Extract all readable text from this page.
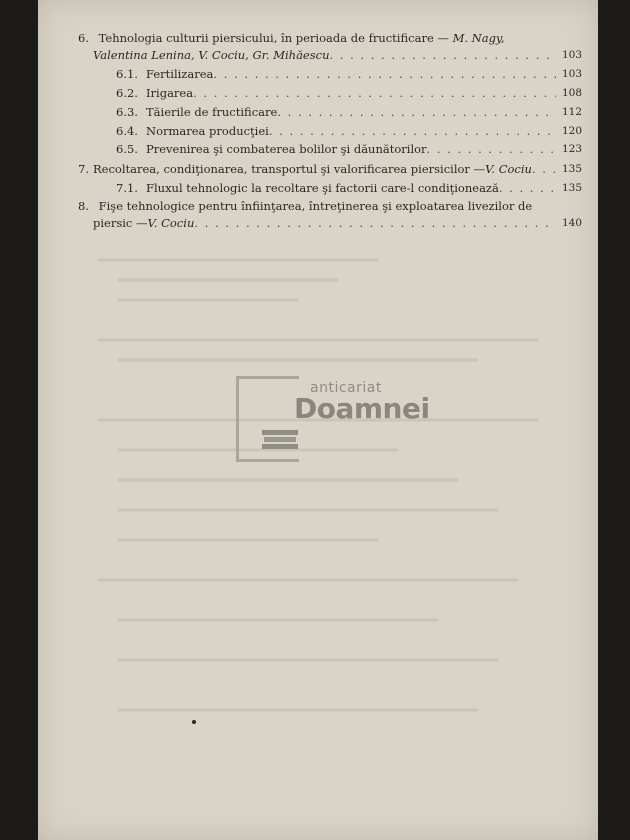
6. Tehnologia culturii piersicului, în perioada de fructificare — M. Nagy,
Valentina Lenina, V. Cociu, Gr. Mihăescu . . .	103
6.1. Fertilizarea . . .	103
6.2. Irigarea . . .	108
6.3. Tăierile de fructificare . . .	112
6.4. Normarea producţiei . . .	120
6.5. Prevenirea şi combaterea bolilor şi dăunătorilor . . .	123
7. Recoltarea, condiţionarea, transportul şi valorificarea piersicilor — V. Cociu . . .	135
7.1. Fluxul tehnologic la recoltare şi factorii care-l condiţionează . . .	135
8. Fişe tehnologice pentru înfiinţarea, întreţinerea şi exploatarea livezilor de
piersic — V. Cociu . . .	140
anticariat
Doamnei
